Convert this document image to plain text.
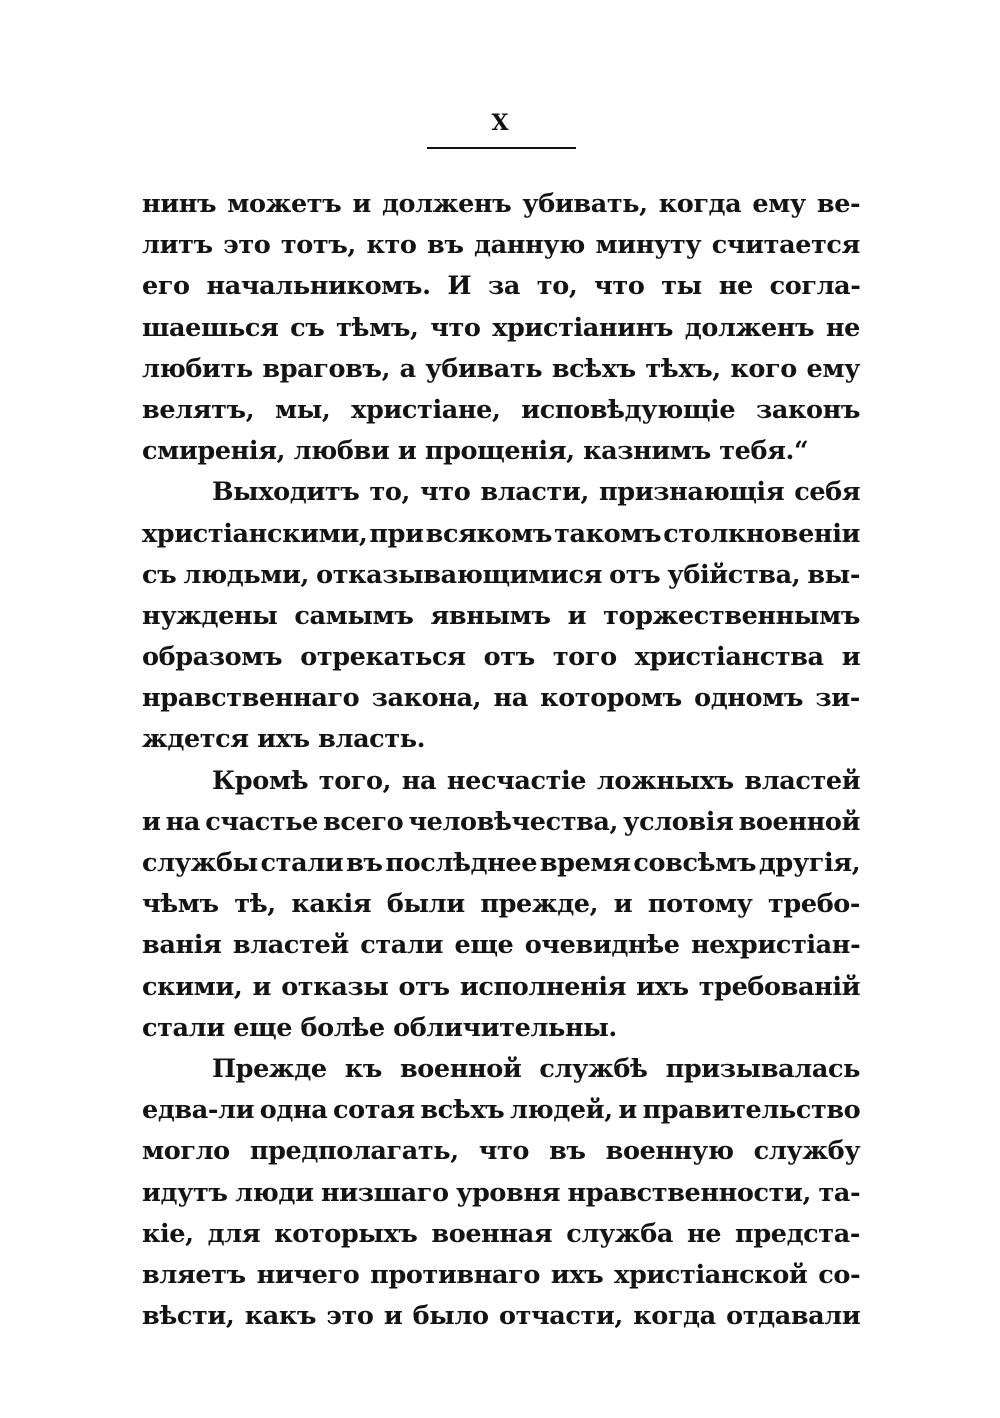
X
нинъ можетъ и долженъ убивать, когда ему ве-
литъ это тотъ, кто въ данную минуту считается
его начальникомъ. И за то, что ты не согла-
шаешься съ тѣмъ, что христіанинъ долженъ не
любить враговъ, а убивать всѣхъ тѣхъ, кого ему
велятъ, мы, христіане, исповѣдующіе законъ
смиренія, любви и прощенія, казнимъ тебя.“
Выходитъ то, что власти, признающія себя
христіанскими, при всякомъ такомъ столкновеніи
съ людьми, отказывающимися отъ убійства, вы-
нуждены самымъ явнымъ и торжественнымъ
образомъ отрекаться отъ того христіанства и
нравственнаго закона, на которомъ одномъ зи-
ждется ихъ власть.
Кромѣ того, на несчастіе ложныхъ властей
и на счастье всего человѣчества, условія военной
службы стали въ послѣднее время совсѣмъ другія,
чѣмъ тѣ, какія были прежде, и потому требо-
ванія властей стали еще очевиднѣе нехристіан-
скими, и отказы отъ исполненія ихъ требованій
стали еще болѣе обличительны.
Прежде къ военной службѣ призывалась
едва-ли одна сотая всѣхъ людей, и правительство
могло предполагать, что въ военную службу
идутъ люди низшаго уровня нравственности, та-
кіе, для которыхъ военная служба не предста-
вляетъ ничего противнаго ихъ христіанской со-
вѣсти, какъ это и было отчасти, когда отдавали
